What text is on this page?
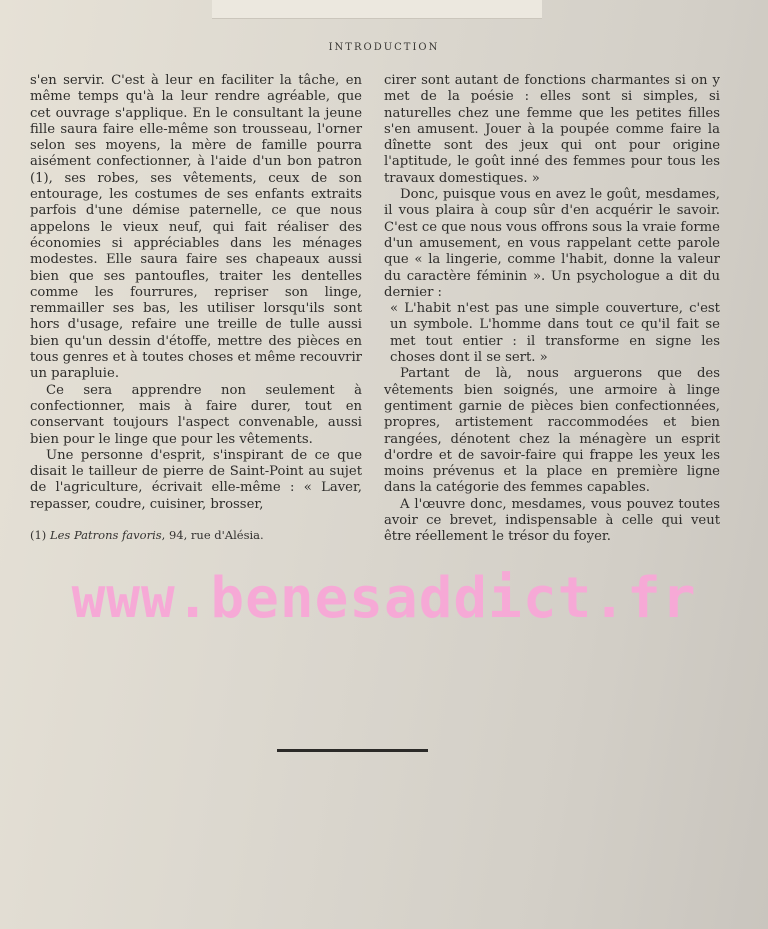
INTRODUCTION

s'en servir. C'est à leur en faciliter la tâche, en même temps qu'à la leur rendre agréable, que cet ouvrage s'applique. En le consultant la jeune fille saura faire elle-même son trousseau, l'orner selon ses moyens, la mère de famille pourra aisément confectionner, à l'aide d'un bon patron (1), ses robes, ses vêtements, ceux de son entourage, les costumes de ses enfants extraits parfois d'une démise paternelle, ce que nous appelons le vieux neuf, qui fait réaliser des économies si appréciables dans les ménages modestes. Elle saura faire ses chapeaux aussi bien que ses pantoufles, traiter les dentelles comme les fourrures, repriser son linge, remmailler ses bas, les utiliser lorsqu'ils sont hors d'usage, refaire une treille de tulle aussi bien qu'un dessin d'étoffe, mettre des pièces en tous genres et à toutes choses et même recouvrir un parapluie.

Ce sera apprendre non seulement à confectionner, mais à faire durer, tout en conservant toujours l'aspect convenable, aussi bien pour le linge que pour les vêtements.

Une personne d'esprit, s'inspirant de ce que disait le tailleur de pierre de Saint-Point au sujet de l'agriculture, écrivait elle-même : « Laver, repasser, coudre, cuisiner, brosser,

(1) Les Patrons favoris, 94, rue d'Alésia.

cirer sont autant de fonctions charmantes si on y met de la poésie : elles sont si simples, si naturelles chez une femme que les petites filles s'en amusent. Jouer à la poupée comme faire la dînette sont des jeux qui ont pour origine l'aptitude, le goût inné des femmes pour tous les travaux domestiques. »

Donc, puisque vous en avez le goût, mesdames, il vous plaira à coup sûr d'en acquérir le savoir. C'est ce que nous vous offrons sous la vraie forme d'un amusement, en vous rappelant cette parole que « la lingerie, comme l'habit, donne la valeur du caractère féminin ». Un psychologue a dit du dernier :

« L'habit n'est pas une simple couverture, c'est un symbole. L'homme dans tout ce qu'il fait se met tout entier : il transforme en signe les choses dont il se sert. »

Partant de là, nous arguerons que des vêtements bien soignés, une armoire à linge gentiment garnie de pièces bien confectionnées, propres, artistement raccommodées et bien rangées, dénotent chez la ménagère un esprit d'ordre et de savoir-faire qui frappe les yeux les moins prévenus et la place en première ligne dans la catégorie des femmes capables.

A l'œuvre donc, mesdames, vous pouvez toutes avoir ce brevet, indispensable à celle qui veut être réellement le trésor du foyer.

www.benesaddict.fr
